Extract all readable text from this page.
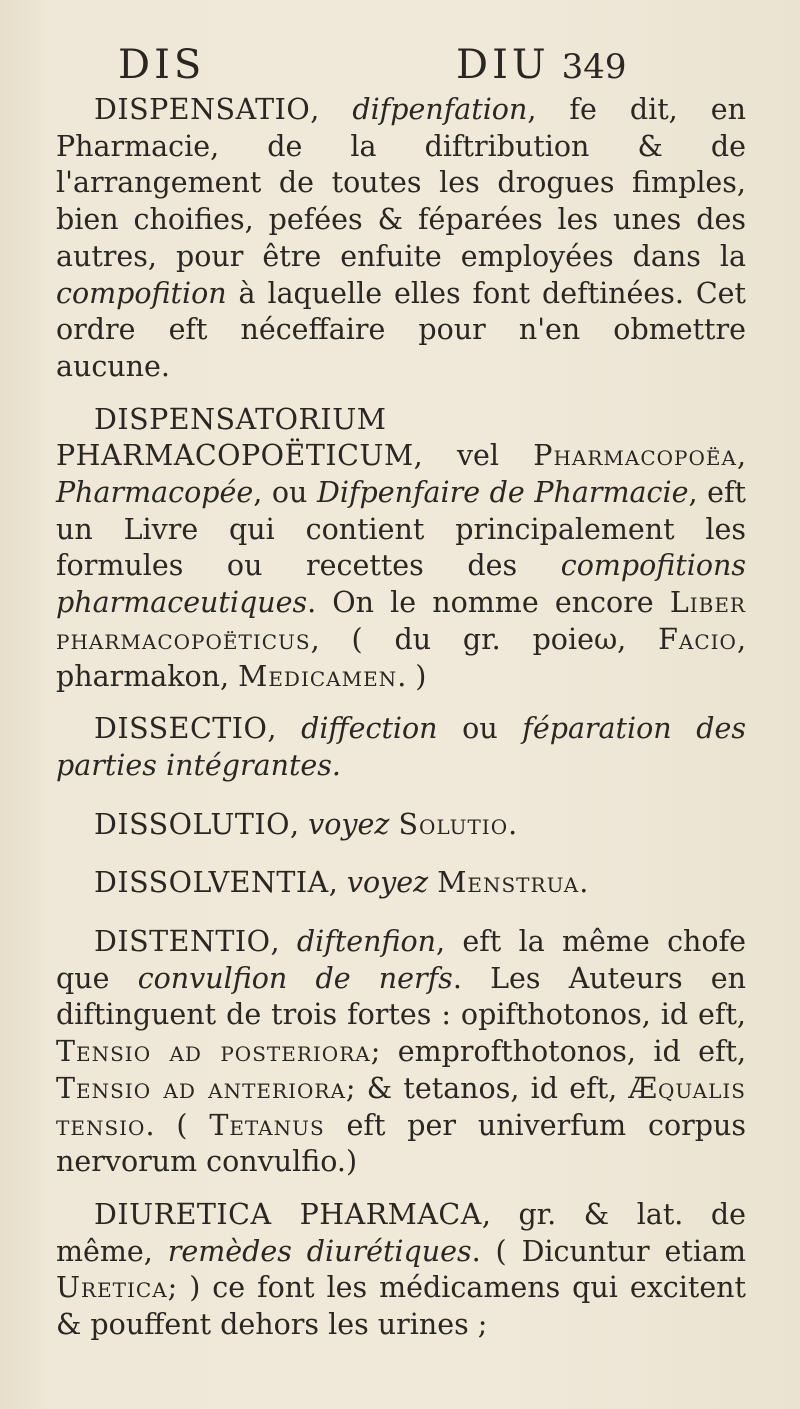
DIS	DIU 349

DISPENSATIO, difpenfation, fe dit, en Pharmacie, de la diftribution & de l'arrangement de toutes les drogues fimples, bien choifies, pefées & féparées les unes des autres, pour être enfuite employées dans la compofition à laquelle elles font deftinées. Cet ordre eft néceffaire pour n'en obmettre aucune.

DISPENSATORIUM PHARMACOPOËTICUM, vel Pharmacopoëa, Pharmacopée, ou Difpenfaire de Pharmacie, eft un Livre qui contient principalement les formules ou recettes des compofitions pharmaceutiques. On le nomme encore Liber pharmacopoëticus, ( du gr. poieω, Facio, pharmakon, Medicamen. )

DISSECTIO, diffection ou féparation des parties intégrantes.

DISSOLUTIO, voyez Solutio.

DISSOLVENTIA, voyez Menstrua.

DISTENTIO, diftenfion, eft la même chofe que convulfion de nerfs. Les Auteurs en diftinguent de trois fortes : opifthotonos, id eft, Tensio ad posteriora; emprofthotonos, id eft, Tensio ad anteriora; & tetanos, id eft, Æqualis tensio. ( Tetanus eft per univerfum corpus nervorum convulfio.)

DIURETICA PHARMACA, gr. & lat. de même, remèdes diurétiques. ( Dicuntur etiam Uretica; ) ce font les médicamens qui excitent & pouffent dehors les urines ;
